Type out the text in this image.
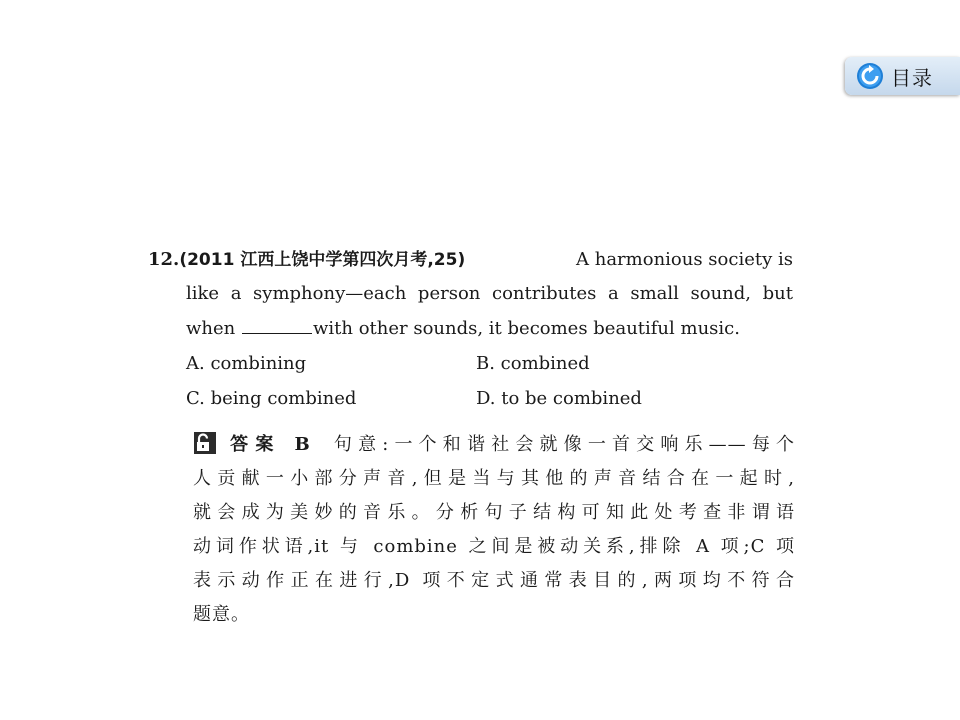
目录
12.(2011 江西上饶中学第四次月考,25)	A harmonious society is
like a symphony—each person contributes a small sound, but
when	with other sounds, it becomes beautiful music.
A. combining	B. combined
C. being combined	D. to be combined
答案 B 句意:一个和谐社会就像一首交响乐——每个
人贡献一小部分声音,但是当与其他的声音结合在一起时,
就会成为美妙的音乐。分析句子结构可知此处考查非谓语
动词作状语,it 与 combine 之间是被动关系,排除 A 项;C 项
表示动作正在进行,D 项不定式通常表目的,两项均不符合
题意。
